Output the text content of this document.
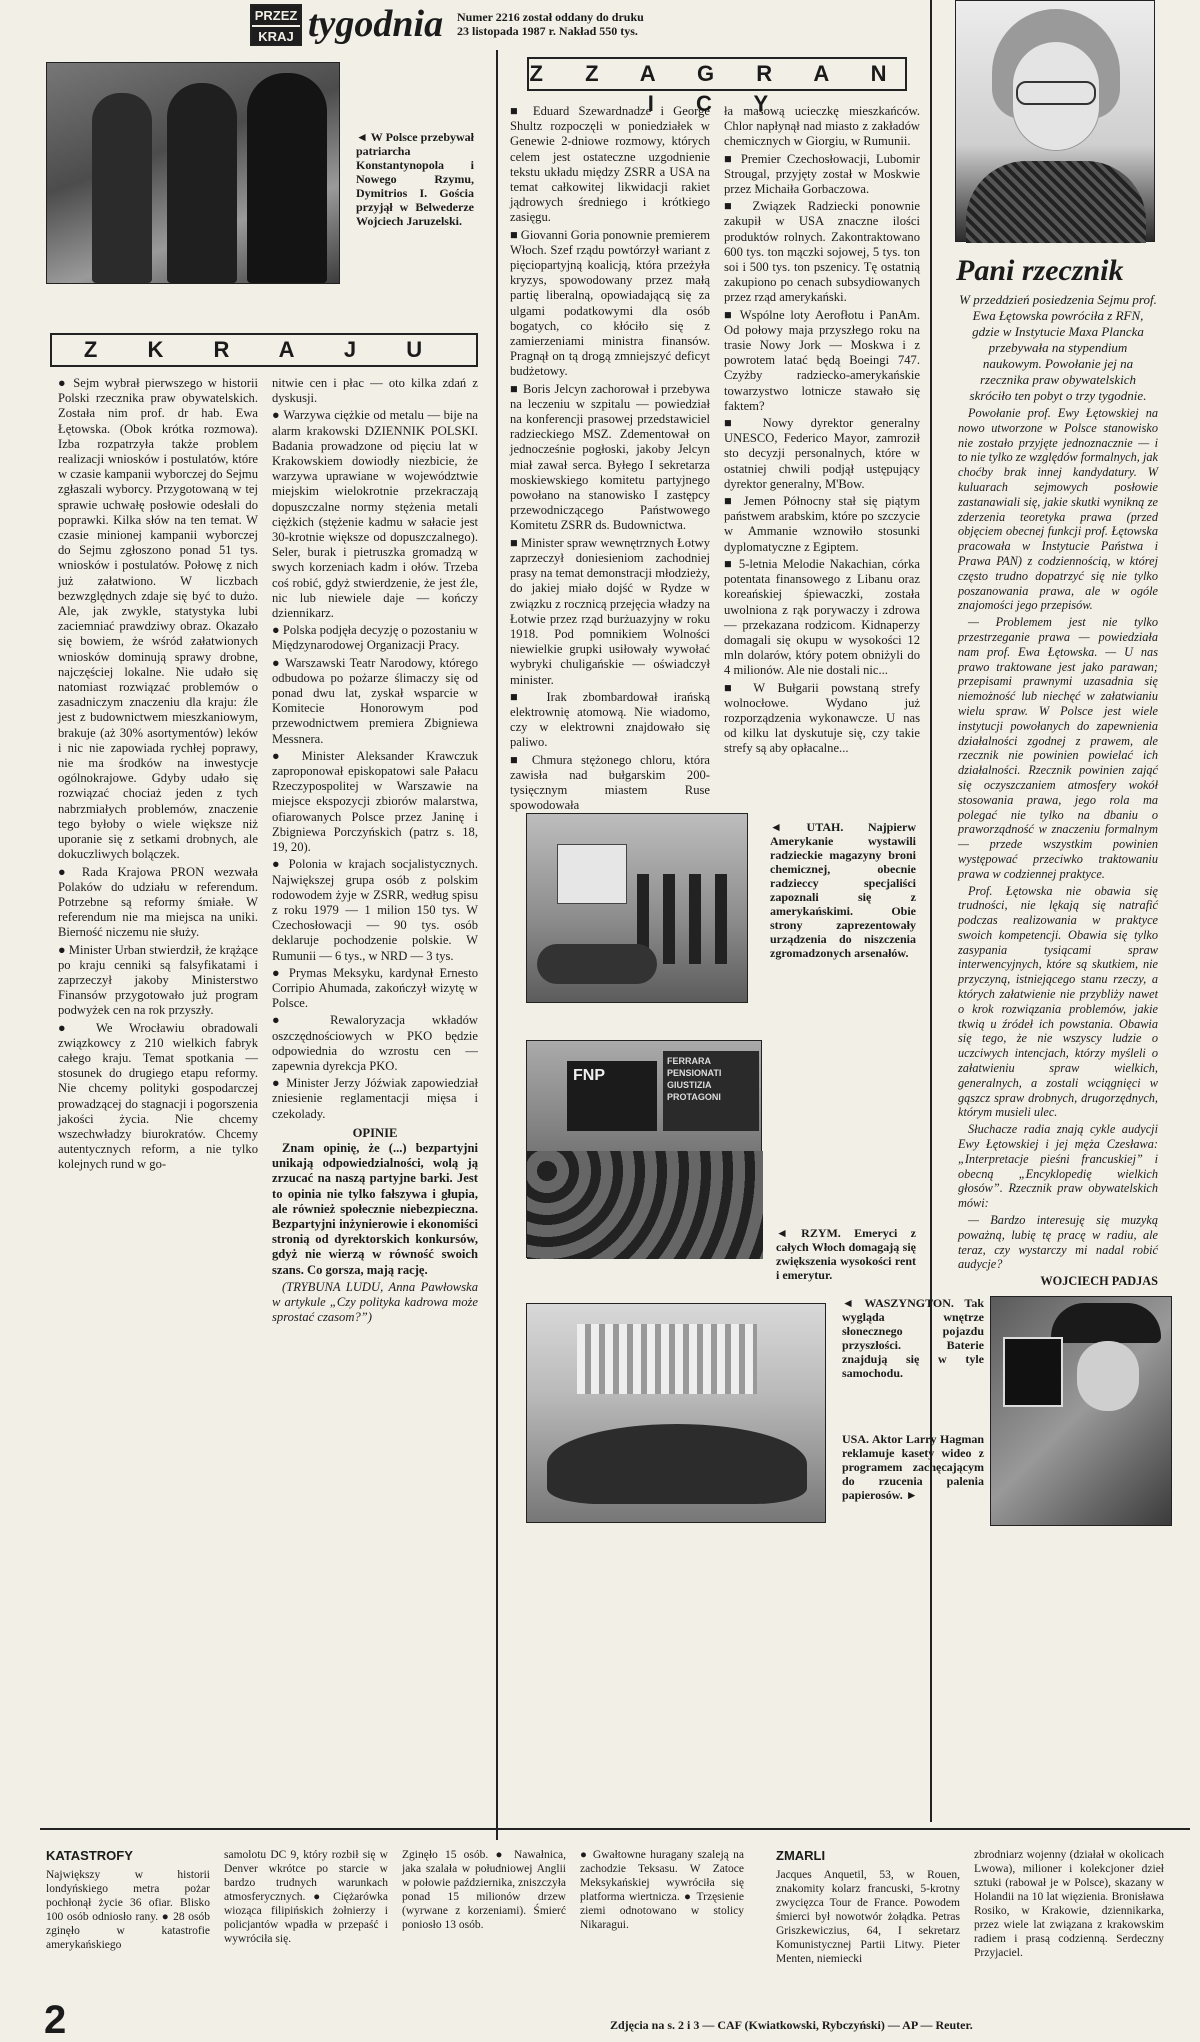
PRZEZ
KRAJ tygodnia Numer 2216 został oddany do druku
23 listopada 1987 r. Nakład 550 tys.
◄ W Polsce przebywał patriarcha Konstantynopola i Nowego Rzymu, Dymitrios I. Gościa przyjął w Belwederze Wojciech Jaruzelski.
Z K R A J U

● Sejm wybrał pierwszego w historii Polski rzecznika praw obywatelskich. Została nim prof. dr hab. Ewa Łętowska. (Obok krótka rozmowa). Izba rozpatrzyła także problem realizacji wniosków i postulatów, które w czasie kampanii wyborczej do Sejmu zgłaszali wyborcy. Przygotowaną w tej sprawie uchwałę posłowie odesłali do poprawki. Kilka słów na ten temat. W czasie minionej kampanii wyborczej do Sejmu zgłoszono ponad 51 tys. wniosków i postulatów. Połowę z nich już załatwiono. W liczbach bezwzględnych zdaje się być to dużo. Ale, jak zwykle, statystyka lubi zaciemniać prawdziwy obraz. Okazało się bowiem, że wśród załatwionych wniosków dominują sprawy drobne, najczęściej lokalne. Nie udało się natomiast rozwiązać problemów o zasadniczym znaczeniu dla kraju: źle jest z budownictwem mieszkaniowym, brakuje (aż 30% asortymentów) leków i nic nie zapowiada rychłej poprawy, nie ma środków na inwestycje ogólnokrajowe. Gdyby udało się rozwiązać chociaż jeden z tych nabrzmiałych problemów, znaczenie tego byłoby o wiele większe niż uporanie się z setkami drobnych, ale dokuczliwych bolączek.

● Rada Krajowa PRON wezwała Polaków do udziału w referendum. Potrzebne są reformy śmiałe. W referendum nie ma miejsca na uniki. Bierność niczemu nie służy.

● Minister Urban stwierdził, że krążące po kraju cenniki są falsyfikatami i zaprzeczył jakoby Ministerstwo Finansów przygotowało już program podwyżek cen na rok przyszły.

● We Wrocławiu obradowali związkowcy z 210 wielkich fabryk całego kraju. Temat spotkania — stosunek do drugiego etapu reformy. Nie chcemy polityki gospodarczej prowadzącej do stagnacji i pogorszenia jakości życia. Nie chcemy wszechwładzy biurokratów. Chcemy autentycznych reform, a nie tylko kolejnych rund w go-

nitwie cen i płac — oto kilka zdań z dyskusji.

● Warzywa ciężkie od metalu — bije na alarm krakowski DZIENNIK POLSKI. Badania prowadzone od pięciu lat w Krakowskiem dowiodły niezbicie, że warzywa uprawiane w województwie miejskim wielokrotnie przekraczają dopuszczalne normy stężenia metali ciężkich (stężenie kadmu w sałacie jest 30-krotnie większe od dopuszczalnego). Seler, burak i pietruszka gromadzą w swych korzeniach kadm i ołów. Trzeba coś robić, gdyż stwierdzenie, że jest źle, nic lub niewiele daje — kończy dziennikarz.

● Polska podjęła decyzję o pozostaniu w Międzynarodowej Organizacji Pracy.

● Warszawski Teatr Narodowy, którego odbudowa po pożarze ślimaczy się od ponad dwu lat, zyskał wsparcie w Komitecie Honorowym pod przewodnictwem premiera Zbigniewa Messnera.

● Minister Aleksander Krawczuk zaproponował episkopatowi sale Pałacu Rzeczypospolitej w Warszawie na miejsce ekspozycji zbiorów malarstwa, ofiarowanych Polsce przez Janinę i Zbigniewa Porczyńskich (patrz s. 18, 19, 20).

● Polonia w krajach socjalistycznych. Największej grupa osób z polskim rodowodem żyje w ZSRR, według spisu z roku 1979 — 1 milion 150 tys. W Czechosłowacji — 90 tys. osób deklaruje pochodzenie polskie. W Rumunii — 6 tys., w NRD — 3 tys.

● Prymas Meksyku, kardynał Ernesto Corripio Ahumada, zakończył wizytę w Polsce.

● Rewaloryzacja wkładów oszczędnościowych w PKO będzie odpowiednia do wzrostu cen — zapewnia dyrekcja PKO.

● Minister Jerzy Jóźwiak zapowiedział zniesienie reglamentacji mięsa i czekolady.

OPINIE

Znam opinię, że (...) bezpartyjni unikają odpowiedzialności, wolą ją zrzucać na naszą partyjne barki. Jest to opinia nie tylko fałszywa i głupia, ale również społecznie niebezpieczna. Bezpartyjni inżynierowie i ekonomiści stronią od dyrektorskich konkursów, gdyż nie wierzą w równość swoich szans. Co gorsza, mają rację.

(TRYBUNA LUDU, Anna Pawłowska w artykule „Czy polityka kadrowa może sprostać czasom?”)

Z Z A G R A N I C Y

■ Eduard Szewardnadze i George Shultz rozpoczęli w poniedziałek w Genewie 2-dniowe rozmowy, których celem jest ostateczne uzgodnienie tekstu układu między ZSRR a USA na temat całkowitej likwidacji rakiet jądrowych średniego i krótkiego zasięgu.

■ Giovanni Goria ponownie premierem Włoch. Szef rządu powtórzył wariant z pięciopartyjną koalicją, która przeżyła kryzys, spowodowany przez małą partię liberalną, opowiadającą się za ulgami podatkowymi dla osób bogatych, co kłóciło się z zamierzeniami ministra finansów. Pragnął on tą drogą zmniejszyć deficyt budżetowy.

■ Boris Jelcyn zachorował i przebywa na leczeniu w szpitalu — powiedział na konferencji prasowej przedstawiciel radzieckiego MSZ. Zdementował on jednocześnie pogłoski, jakoby Jelcyn miał zawał serca. Byłego I sekretarza moskiewskiego komitetu partyjnego powołano na stanowisko I zastępcy przewodniczącego Państwowego Komitetu ZSRR ds. Budownictwa.

■ Minister spraw wewnętrznych Łotwy zaprzeczył doniesieniom zachodniej prasy na temat demonstracji młodzieży, do jakiej miało dojść w Rydze w związku z rocznicą przejęcia władzy na Łotwie przez rząd burżuazyjny w roku 1918. Pod pomnikiem Wolności niewielkie grupki usiłowały wywołać wybryki chuligańskie — oświadczył minister.

■ Irak zbombardował irańską elektrownię atomową. Nie wiadomo, czy w elektrowni znajdowało się paliwo.

■ Chmura stężonego chloru, która zawisła nad bułgarskim 200-tysięcznym miastem Ruse spowodowała

ła masową ucieczkę mieszkańców. Chlor napłynął nad miasto z zakładów chemicznych w Giorgiu, w Rumunii.

■ Premier Czechosłowacji, Lubomir Strougal, przyjęty został w Moskwie przez Michaiła Gorbaczowa.

■ Związek Radziecki ponownie zakupił w USA znaczne ilości produktów rolnych. Zakontraktowano 600 tys. ton mączki sojowej, 5 tys. ton soi i 500 tys. ton pszenicy. Tę ostatnią zakupiono po cenach subsydiowanych przez rząd amerykański.

■ Wspólne loty Aerofłotu i PanAm. Od połowy maja przyszłego roku na trasie Nowy Jork — Moskwa i z powrotem latać będą Boeingi 747. Czyżby radziecko-amerykańskie towarzystwo lotnicze stawało się faktem?

■ Nowy dyrektor generalny UNESCO, Federico Mayor, zamroził sto decyzji personalnych, które w ostatniej chwili podjął ustępujący dyrektor generalny, M'Bow.

■ Jemen Północny stał się piątym państwem arabskim, które po szczycie w Ammanie wznowiło stosunki dyplomatyczne z Egiptem.

■ 5-letnia Melodie Nakachian, córka potentata finansowego z Libanu oraz koreańskiej śpiewaczki, została uwolniona z rąk porywaczy i zdrowa — przekazana rodzicom. Kidnaperzy domagali się okupu w wysokości 12 mln dolarów, który potem obniżyli do 4 milionów. Ale nie dostali nic...

■ W Bułgarii powstaną strefy wolnocłowe. Wydano już rozporządzenia wykonawcze. U nas od kilku lat dyskutuje się, czy takie strefy są aby opłacalne...

◄ UTAH. Najpierw Amerykanie wystawili radzieckie magazyny broni chemicznej, obecnie radzieccy specjaliści zapoznali się z amerykańskimi. Obie strony zaprezentowały urządzenia do niszczenia zgromadzonych arsenałów.
FNP
FERRARA
PENSIONATI
GIUSTIZIA
PROTAGONI
◄ RZYM. Emeryci z całych Włoch domagają się zwiększenia wysokości rent i emerytur.
◄ WASZYNGTON. Tak wygląda wnętrze słonecznego pojazdu przyszłości. Baterie znajdują się w tyle samochodu.
USA. Aktor Larry Hagman reklamuje kasety wideo z programem zachęcającym do rzucenia palenia papierosów. ►
Pani rzecznik

W przeddzień posiedzenia Sejmu prof. Ewa Łętowska powróciła z RFN, gdzie w Instytucie Maxa Plancka przebywała na stypendium naukowym. Powołanie jej na rzecznika praw obywatelskich skróciło ten pobyt o trzy tygodnie.

Powołanie prof. Ewy Łętowskiej na nowo utworzone w Polsce stanowisko nie zostało przyjęte jednoznacznie — i to nie tylko ze względów formalnych, jak choćby brak innej kandydatury. W kuluarach sejmowych posłowie zastanawiali się, jakie skutki wynikną ze zderzenia teoretyka prawa (przed objęciem obecnej funkcji prof. Łętowska pracowała w Instytucie Państwa i Prawa PAN) z codziennością, w której często trudno dopatrzyć się nie tylko poszanowania prawa, ale w ogóle znajomości jego przepisów.

— Problemem jest nie tylko przestrzeganie prawa — powiedziała nam prof. Ewa Łętowska. — U nas prawo traktowane jest jako parawan; przepisami prawnymi uzasadnia się niemożność lub niechęć w załatwianiu wielu spraw. W Polsce jest wiele instytucji powołanych do zapewnienia działalności zgodnej z prawem, ale rzecznik nie powinien powielać ich działalności. Rzecznik powinien zająć się oczyszczaniem atmosfery wokół stosowania prawa, jego rola ma polegać nie tylko na dbaniu o praworządność w znaczeniu formalnym — przede wszystkim powinien występować przeciwko traktowaniu prawa w codziennej praktyce.

Prof. Łętowska nie obawia się trudności, nie lękają się natrafić podczas realizowania w praktyce swoich kompetencji. Obawia się tylko zasypania tysiącami spraw interwencyjnych, które są skutkiem, nie przyczyną, istniejącego stanu rzeczy, a których załatwienie nie przybliży nawet o krok rozwiązania problemów, jakie tkwią u źródeł ich powstania. Obawia się tego, że nie wszyscy ludzie o uczciwych intencjach, którzy myśleli o załatwieniu spraw wielkich, generalnych, a zostali wciągnięci w gąszcz spraw drobnych, drugorzędnych, którym musieli ulec.

Słuchacze radia znają cykle audycji Ewy Łętowskiej i jej męża Czesława: „Interpretacje pieśni francuskiej” i obecną „Encyklopedię wielkich głosów”. Rzecznik praw obywatelskich mówi:

— Bardzo interesuję się muzyką poważną, lubię tę pracę w radiu, ale teraz, czy wystarczy mi nadal robić audycje?

WOJCIECH PADJAS
KATASTROFY
Największy w historii londyńskiego metra pożar pochłonął życie 36 ofiar. Blisko 100 osób odniosło rany. ● 28 osób zginęło w katastrofie amerykańskiego
samolotu DC 9, który rozbił się w Denver wkrótce po starcie w bardzo trudnych warunkach atmosferycznych. ● Ciężarówka wioząca filipińskich żołnierzy i policjantów wpadła w przepaść i wywróciła się.
Zginęło 15 osób. ● Nawałnica, jaka szalała w południowej Anglii w połowie października, zniszczyła ponad 15 milionów drzew (wyrwane z korzeniami). Śmierć poniosło 13 osób.
● Gwałtowne huragany szaleją na zachodzie Teksasu. W Zatoce Meksykańskiej wywróciła się platforma wiertnicza. ● Trzęsienie ziemi odnotowano w stolicy Nikaragui.
ZMARLI
Jacques Anquetil, 53, w Rouen, znakomity kolarz francuski, 5-krotny zwycięzca Tour de France. Powodem śmierci był nowotwór żołądka. Petras Griszkewiczius, 64, I sekretarz Komunistycznej Partii Litwy. Pieter Menten, niemiecki
zbrodniarz wojenny (działał w okolicach Lwowa), milioner i kolekcjoner dzieł sztuki (rabował je w Polsce), skazany w Holandii na 10 lat więzienia. Bronisława Rosiko, w Krakowie, dziennikarka, przez wiele lat związana z krakowskim radiem i prasą codzienną. Serdeczny Przyjaciel.
2	Zdjęcia na s. 2 i 3 — CAF (Kwiatkowski, Rybczyński) — AP — Reuter.
